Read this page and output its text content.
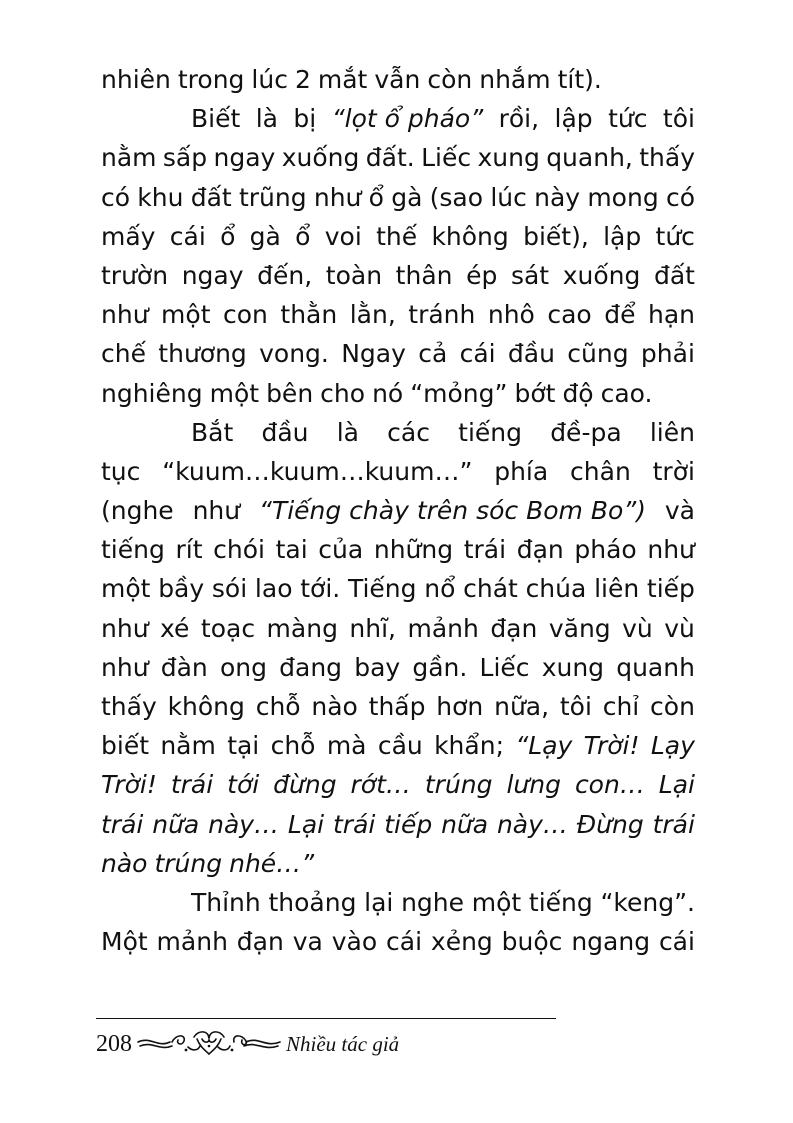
nhiên trong lúc 2 mắt vẫn còn nhắm tít).
Biết là bị “lọt ổ pháo” rồi, lập tức tôi
nằm sấp ngay xuống đất. Liếc xung quanh, thấy
có khu đất trũng như ổ gà (sao lúc này mong có
mấy cái ổ gà ổ voi thế không biết), lập tức
trườn ngay đến, toàn thân ép sát xuống đất
như một con thằn lằn, tránh nhô cao để hạn
chế thương vong. Ngay cả cái đầu cũng phải
nghiêng một bên cho nó “mỏng” bớt độ cao.
Bắt đầu là các tiếng đề-pa liên
tục “kuum…kuum…kuum…” phía chân trời
(nghe như “Tiếng chày trên sóc Bom Bo”) và
tiếng rít chói tai của những trái đạn pháo như
một bầy sói lao tới. Tiếng nổ chát chúa liên tiếp
như xé toạc màng nhĩ, mảnh đạn văng vù vù
như đàn ong đang bay gần. Liếc xung quanh
thấy không chỗ nào thấp hơn nữa, tôi chỉ còn
biết nằm tại chỗ mà cầu khẩn; “Lạy Trời! Lạy
Trời! trái tới đừng rớt… trúng lưng con… Lại
trái nữa này… Lại trái tiếp nữa này… Đừng trái
nào trúng nhé…”
Thỉnh thoảng lại nghe một tiếng “keng”.
Một mảnh đạn va vào cái xẻng buộc ngang cái
208	Nhiều tác giả
